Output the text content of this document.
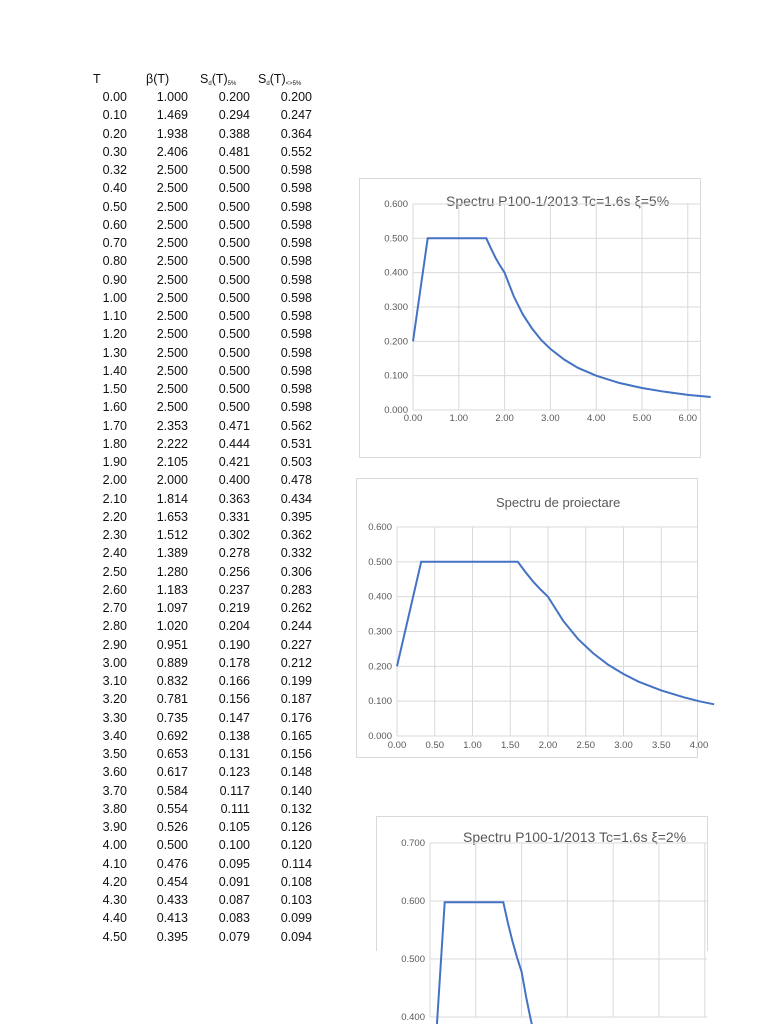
T	β(T) $S_d(T)_{5\%}$ $S_d(T)_{<>5\%}$
0.00	1.000	0.200	0.200
0.10	1.469	0.294	0.247
0.20	1.938	0.388	0.364
0.30	2.406	0.481	0.552
0.32	2.500	0.500	0.598
0.40	2.500	0.500	0.598
0.50	2.500	0.500	0.598
0.60	2.500	0.500	0.598
0.70	2.500	0.500	0.598
0.80	2.500	0.500	0.598
0.90	2.500	0.500	0.598
1.00	2.500	0.500	0.598
1.10	2.500	0.500	0.598
1.20	2.500	0.500	0.598
1.30	2.500	0.500	0.598
1.40	2.500	0.500	0.598
1.50	2.500	0.500	0.598
1.60	2.500	0.500	0.598
1.70	2.353	0.471	0.562
1.80	2.222	0.444	0.531
1.90	2.105	0.421	0.503
2.00	2.000	0.400	0.478
2.10	1.814	0.363	0.434
2.20	1.653	0.331	0.395
2.30	1.512	0.302	0.362
2.40	1.389	0.278	0.332
2.50	1.280	0.256	0.306
2.60	1.183	0.237	0.283
2.70	1.097	0.219	0.262
2.80	1.020	0.204	0.244
2.90	0.951	0.190	0.227
3.00	0.889	0.178	0.212
3.10	0.832	0.166	0.199
3.20	0.781	0.156	0.187
3.30	0.735	0.147	0.176
3.40	0.692	0.138	0.165
3.50	0.653	0.131	0.156
3.60	0.617	0.123	0.148
3.70	0.584	0.117	0.140
3.80	0.554	0.111	0.132
3.90	0.526	0.105	0.126
4.00	0.500	0.100	0.120
4.10	0.476	0.095	0.114
4.20	0.454	0.091	0.108
4.30	0.433	0.087	0.103
4.40	0.413	0.083	0.099
4.50	0.395	0.079	0.094
Spectru P100-1/2013 Tc=1.6s ξ=5%
0.000
0.100
0.200
0.300
0.400
0.500
0.600
0.00	1.00	2.00	3.00	4.00	5.00	6.00
Spectru de proiectare
0.000
0.100
0.200
0.300
0.400
0.500
0.600
0.00 0.50 1.00 1.50 2.00 2.50 3.00 3.50 4.00
Spectru P100-1/2013 Tc=1.6s ξ=2%
0.400
0.500
0.600
0.700
